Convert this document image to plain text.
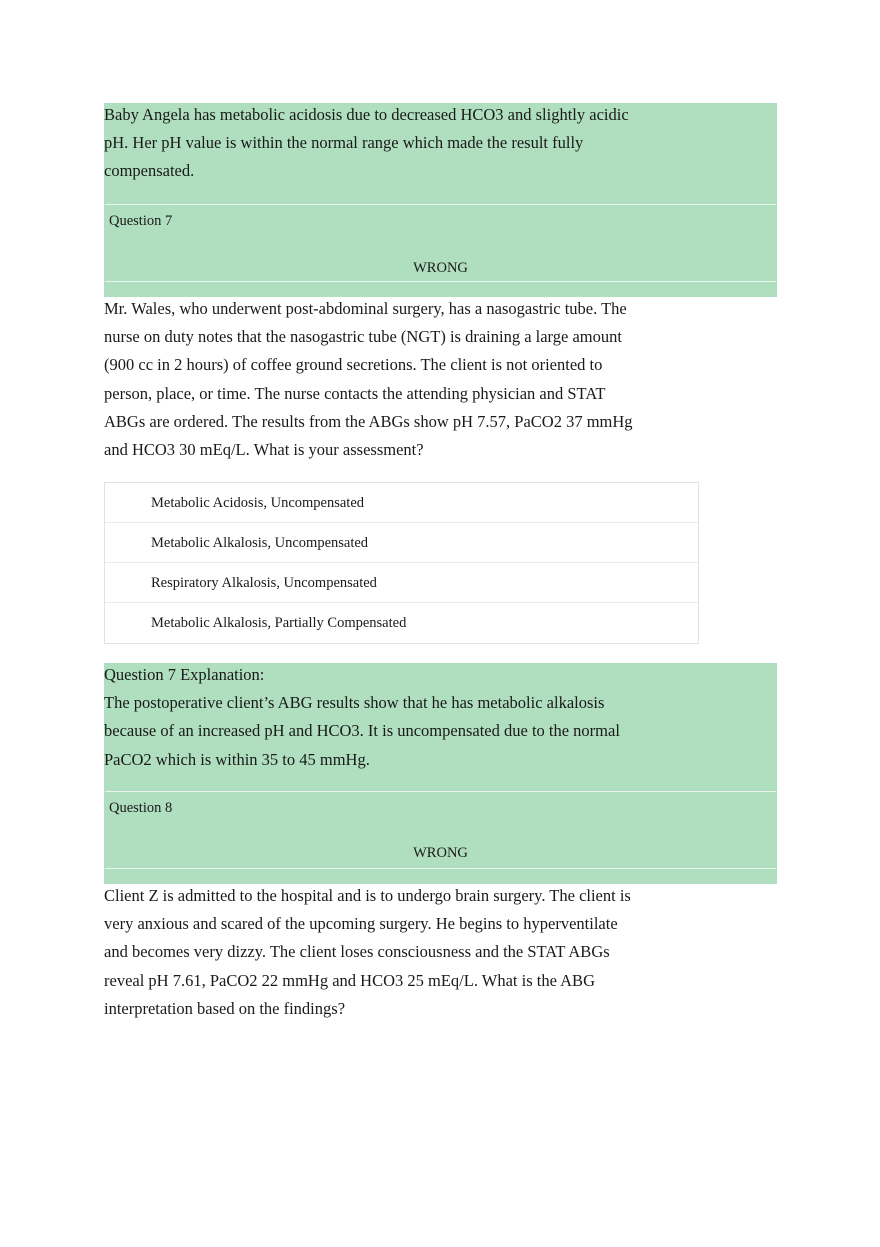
Baby Angela has metabolic acidosis due to decreased HCO3 and slightly acidic
pH. Her pH value is within the normal range which made the result fully
compensated.
Question 7
WRONG
Mr. Wales, who underwent post-abdominal surgery, has a nasogastric tube. The
nurse on duty notes that the nasogastric tube (NGT) is draining a large amount
(900 cc in 2 hours) of coffee ground secretions. The client is not oriented to
person, place, or time. The nurse contacts the attending physician and STAT
ABGs are ordered. The results from the ABGs show pH 7.57, PaCO2 37 mmHg
and HCO3 30 mEq/L. What is your assessment?
Metabolic Acidosis, Uncompensated
Metabolic Alkalosis, Uncompensated
Respiratory Alkalosis, Uncompensated
Metabolic Alkalosis, Partially Compensated
Question 7 Explanation:
The postoperative client’s ABG results show that he has metabolic alkalosis
because of an increased pH and HCO3. It is uncompensated due to the normal
PaCO2 which is within 35 to 45 mmHg.
Question 8
WRONG
Client Z is admitted to the hospital and is to undergo brain surgery. The client is
very anxious and scared of the upcoming surgery. He begins to hyperventilate
and becomes very dizzy. The client loses consciousness and the STAT ABGs
reveal pH 7.61, PaCO2 22 mmHg and HCO3 25 mEq/L. What is the ABG
interpretation based on the findings?
